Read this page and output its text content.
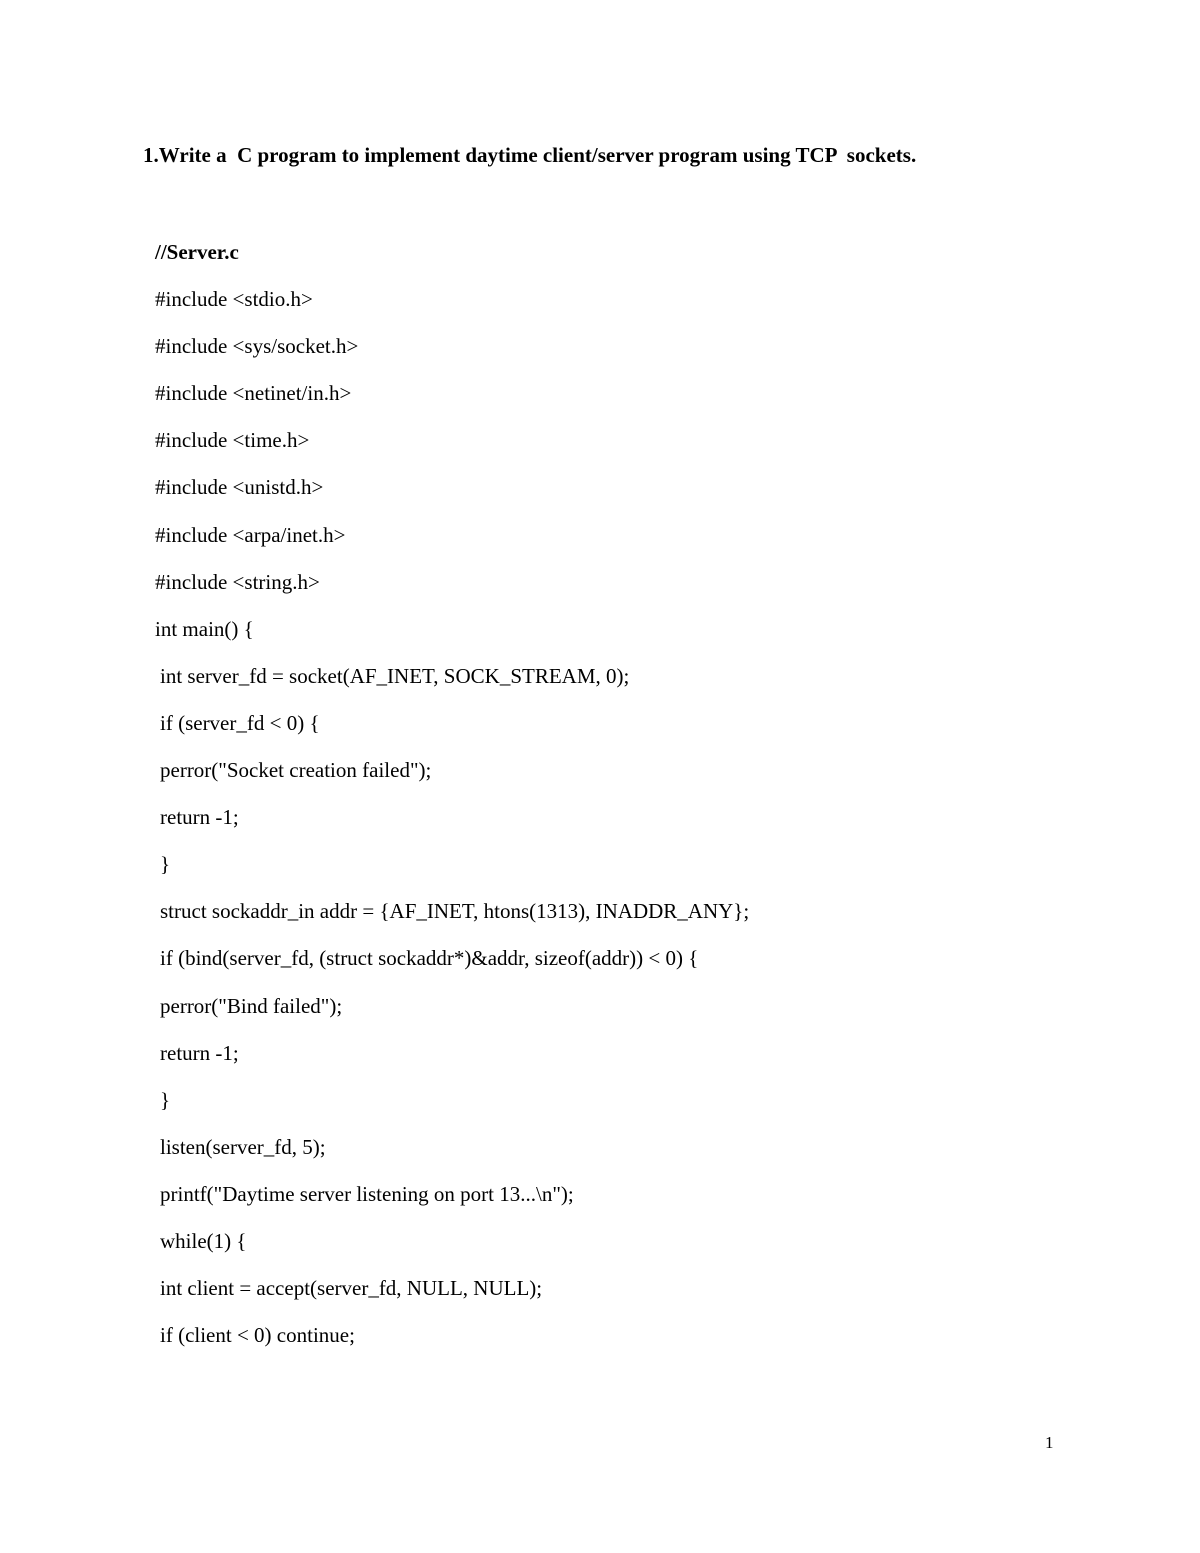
1.Write a  C program to implement daytime client/server program using TCP  sockets.

//Server.c
#include <stdio.h>
#include <sys/socket.h>
#include <netinet/in.h>
#include <time.h>
#include <unistd.h>
#include <arpa/inet.h>
#include <string.h>
int main() {
int server_fd = socket(AF_INET, SOCK_STREAM, 0);
if (server_fd < 0) {
perror("Socket creation failed");
return -1;
}
struct sockaddr_in addr = {AF_INET, htons(1313), INADDR_ANY};
if (bind(server_fd, (struct sockaddr*)&addr, sizeof(addr)) < 0) {
perror("Bind failed");
return -1;
}
listen(server_fd, 5);
printf("Daytime server listening on port 13...\n");
while(1) {
int client = accept(server_fd, NULL, NULL);
if (client < 0) continue;
1
